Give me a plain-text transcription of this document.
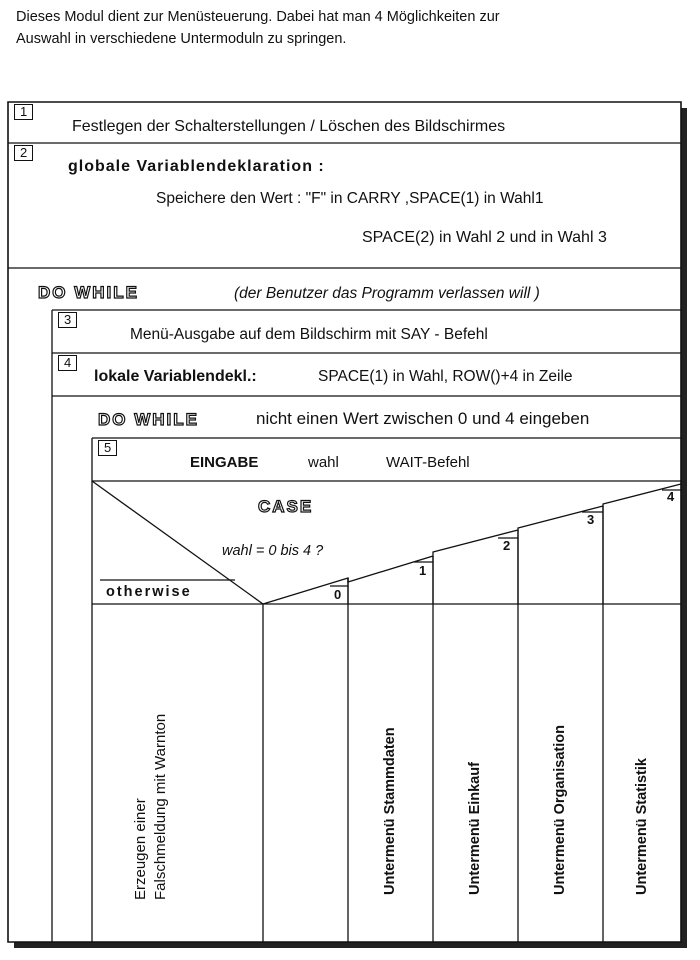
Dieses Modul dient zur Menüsteuerung. Dabei hat man 4 Möglichkeiten zur
Auswahl in verschiedene Untermoduln zu springen.
1
Festlegen der Schalterstellungen / Löschen des Bildschirmes
2
globale Variablendeklaration :
Speichere den Wert : "F" in CARRY ,SPACE(1) in Wahl1
SPACE(2) in Wahl 2 und in Wahl 3
DO WHILE	(der Benutzer das Programm verlassen will )
3
Menü-Ausgabe auf dem Bildschirm mit SAY - Befehl
4
lokale Variablendekl.:	SPACE(1) in Wahl, ROW()+4 in Zeile
DO WHILE	nicht einen Wert zwischen 0 und 4 eingeben
5
EINGABE	wahl	WAIT-Befehl
CASE
wahl = 0 bis 4 ?
otherwise	0
1
2
3
4
Erzeugen einer Falschmeldung mit Warnton	Untermenü Stammdaten	Untermenü Einkauf	Untermenü Organisation	Untermenü Statistik
